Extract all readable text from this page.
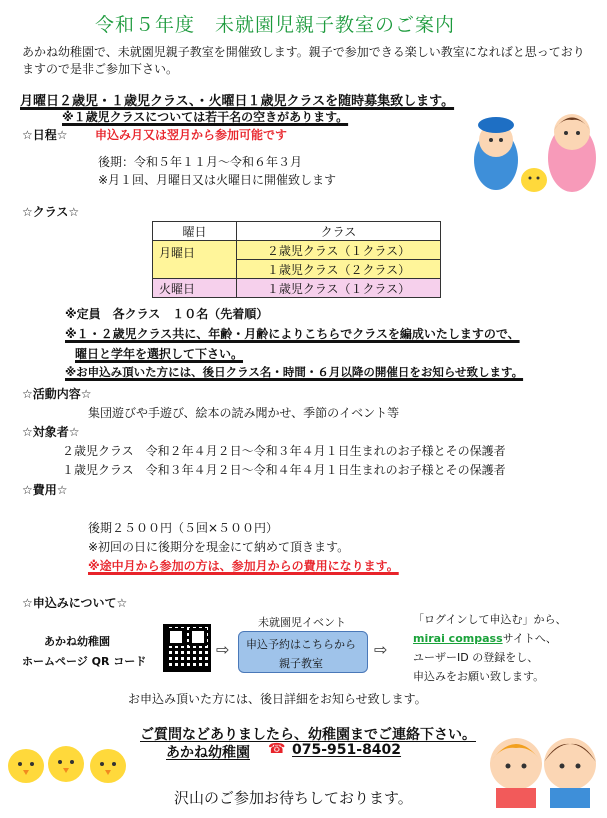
令和５年度　未就園児親子教室のご案内
あかね幼稚園で、未就園児親子教室を開催致します。親子で参加できる楽しい教室になればと思っておりますので是非ご参加下さい。
月曜日２歳児・１歳児クラス、・火曜日１歳児クラスを随時募集致します。
※１歳児クラスについては若干名の空きがあります。
☆日程☆ 申込み月又は翌月から参加可能です
後期：令和５年１１月～令和６年３月
※月１回、月曜日又は火曜日に開催致します
☆クラス☆
曜日	クラス
月曜日	２歳児クラス（１クラス）
	１歳児クラス（２クラス）
火曜日	１歳児クラス（１クラス）
※定員　各クラス　１０名（先着順）
※１・２歳児クラス共に、年齢・月齢によりこちらでクラスを編成いたしますので、
曜日と学年を選択して下さい。
※お申込み頂いた方には、後日クラス名・時間・６月以降の開催日をお知らせ致します。
☆活動内容☆
集団遊びや手遊び、絵本の読み聞かせ、季節のイベント等
☆対象者☆
２歳児クラス　令和２年４月２日～令和３年４月１日生まれのお子様とその保護者
１歳児クラス　令和３年４月２日～令和４年４月１日生まれのお子様とその保護者
☆費用☆
後期２５００円（５回×５００円）
※初回の日に後期分を現金にて納めて頂きます。
※途中月から参加の方は、参加月からの費用になります。
☆申込みについて☆
あかね幼稚園
ホームページ QR コード
⇨
未就園児イベント
申込予約はこちらから
親子教室
⇨
「ログインして申込む」から、
mirai compassサイトへ、
ユーザーID の登録をし、
申込みをお願い致します。
お申込み頂いた方には、後日詳細をお知らせ致します。
ご質問などありましたら、幼稚園までご連絡下さい。
あかね幼稚園 ☎ 075-951-8402
沢山のご参加お待ちしております。
